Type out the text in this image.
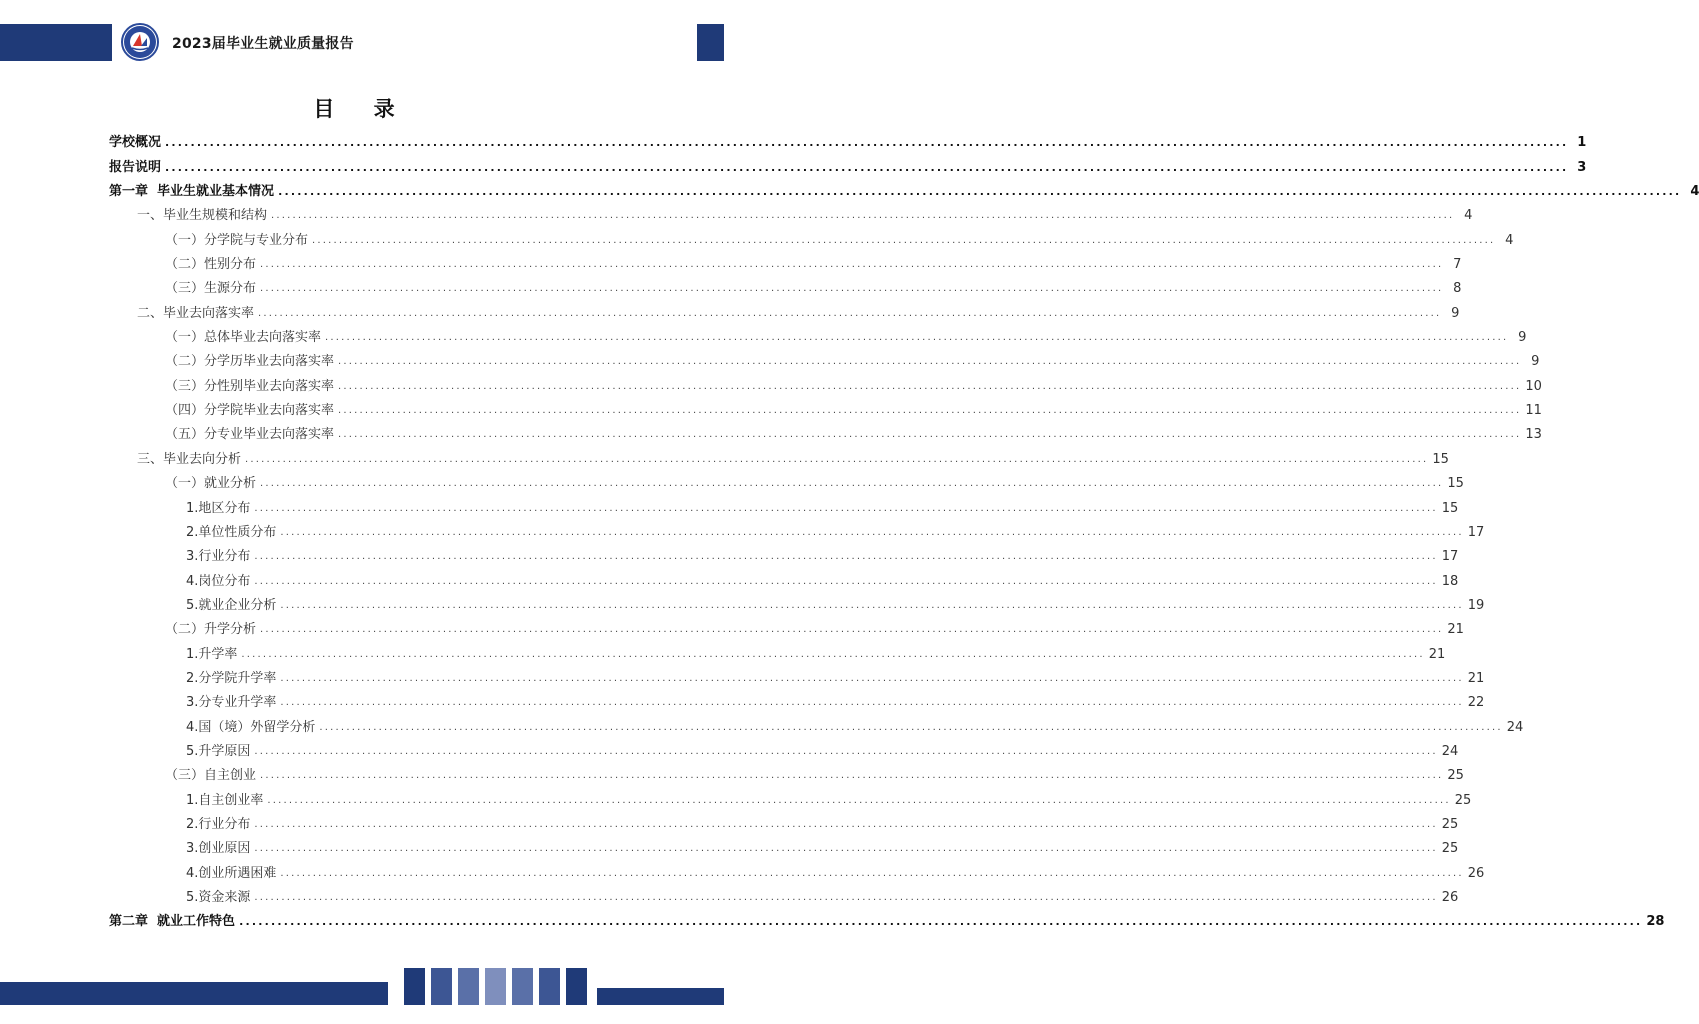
2023届毕业生就业质量报告
目 录
学校概况 ............................................................................................................................................................................................................................ 1
报告说明 ............................................................................................................................................................................................................................ 3
第一章  毕业生就业基本情况 ............................................................................................................................................................................................................................ 4
一、 毕业生规模和结构 ............................................................................................................................................................................................................................ 4
（一） 分学院与专业分布 ............................................................................................................................................................................................................................ 4
（二） 性别分布 ............................................................................................................................................................................................................................ 7
（三） 生源分布 ............................................................................................................................................................................................................................ 8
二、 毕业去向落实率 ............................................................................................................................................................................................................................ 9
（一） 总体毕业去向落实率 ............................................................................................................................................................................................................................ 9
（二） 分学历毕业去向落实率 ............................................................................................................................................................................................................................ 9
（三） 分性别毕业去向落实率 ............................................................................................................................................................................................................................ 10
（四） 分学院毕业去向落实率 ............................................................................................................................................................................................................................ 11
（五） 分专业毕业去向落实率 ............................................................................................................................................................................................................................ 13
三、 毕业去向分析 ............................................................................................................................................................................................................................ 15
（一） 就业分析 ............................................................................................................................................................................................................................ 15
1. 地区分布 ............................................................................................................................................................................................................................ 15
2. 单位性质分布 ............................................................................................................................................................................................................................ 17
3. 行业分布 ............................................................................................................................................................................................................................ 17
4. 岗位分布 ............................................................................................................................................................................................................................ 18
5. 就业企业分析 ............................................................................................................................................................................................................................ 19
（二） 升学分析 ............................................................................................................................................................................................................................ 21
1. 升学率 ............................................................................................................................................................................................................................ 21
2. 分学院升学率 ............................................................................................................................................................................................................................ 21
3. 分专业升学率 ............................................................................................................................................................................................................................ 22
4. 国（境）外留学分析 ............................................................................................................................................................................................................................ 24
5. 升学原因 ............................................................................................................................................................................................................................ 24
（三） 自主创业 ............................................................................................................................................................................................................................ 25
1. 自主创业率 ............................................................................................................................................................................................................................ 25
2. 行业分布 ............................................................................................................................................................................................................................ 25
3. 创业原因 ............................................................................................................................................................................................................................ 25
4. 创业所遇困难 ............................................................................................................................................................................................................................ 26
5. 资金来源 ............................................................................................................................................................................................................................ 26
第二章  就业工作特色 ............................................................................................................................................................................................................................ 28
